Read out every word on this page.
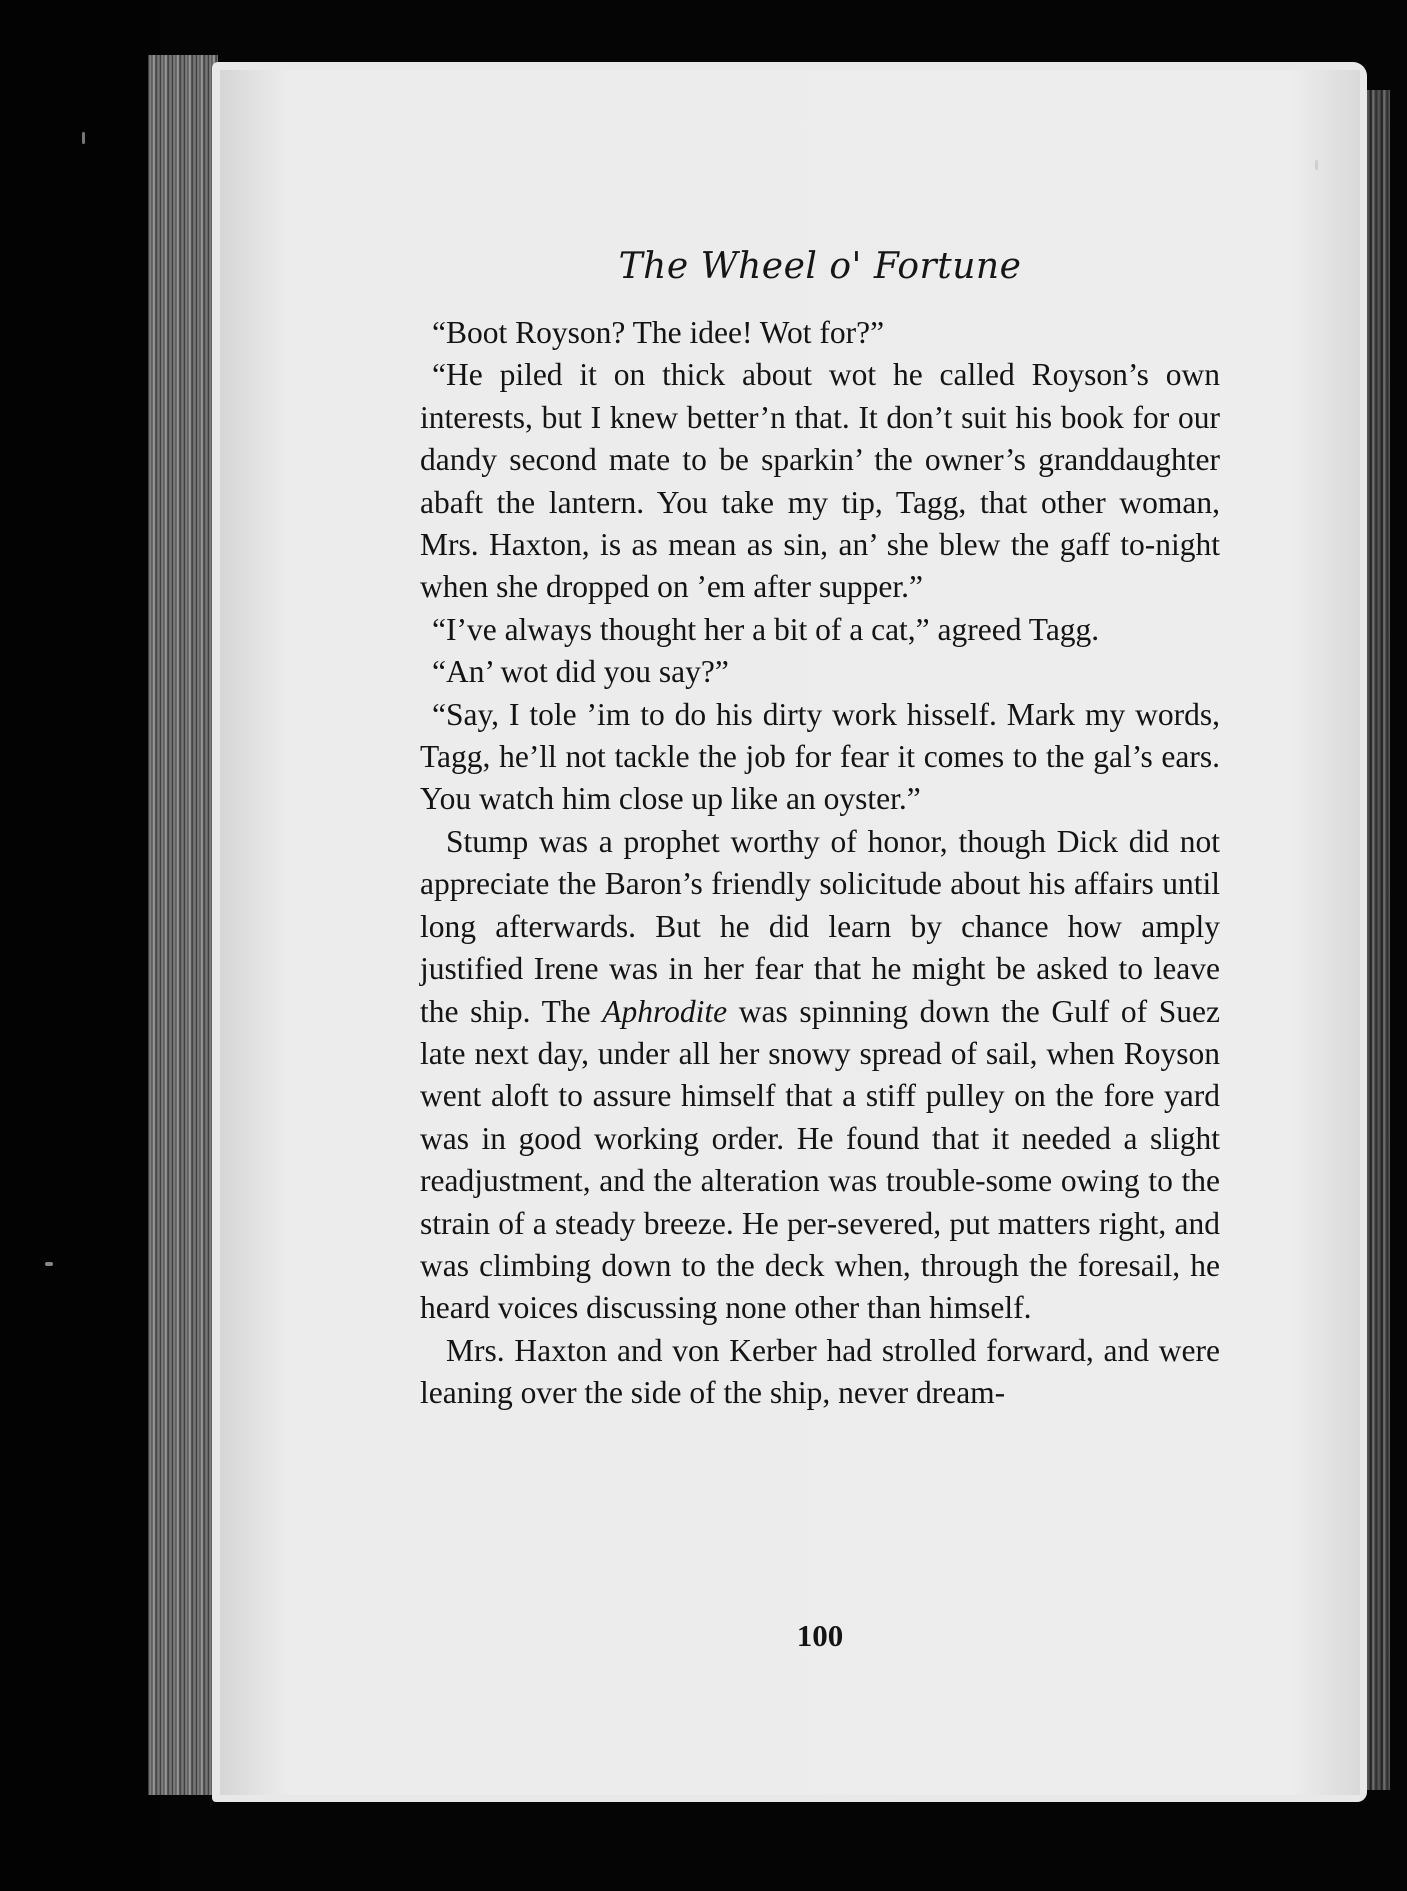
The Wheel o' Fortune

“Boot Royson? The idee! Wot for?”

“He piled it on thick about wot he called Royson’s own interests, but I knew better’n that. It don’t suit his book for our dandy second mate to be sparkin’ the owner’s granddaughter abaft the lantern. You take my tip, Tagg, that other woman, Mrs. Haxton, is as mean as sin, an’ she blew the gaff to-night when she dropped on ’em after supper.”

“I’ve always thought her a bit of a cat,” agreed Tagg.

“An’ wot did you say?”

“Say, I tole ’im to do his dirty work hisself. Mark my words, Tagg, he’ll not tackle the job for fear it comes to the gal’s ears. You watch him close up like an oyster.”

Stump was a prophet worthy of honor, though Dick did not appreciate the Baron’s friendly solicitude about his affairs until long afterwards. But he did learn by chance how amply justified Irene was in her fear that he might be asked to leave the ship. The Aphrodite was spinning down the Gulf of Suez late next day, under all her snowy spread of sail, when Royson went aloft to assure himself that a stiff pulley on the fore yard was in good working order. He found that it needed a slight readjustment, and the alteration was trouble-some owing to the strain of a steady breeze. He per-severed, put matters right, and was climbing down to the deck when, through the foresail, he heard voices discussing none other than himself.

Mrs. Haxton and von Kerber had strolled forward, and were leaning over the side of the ship, never dream-

100
